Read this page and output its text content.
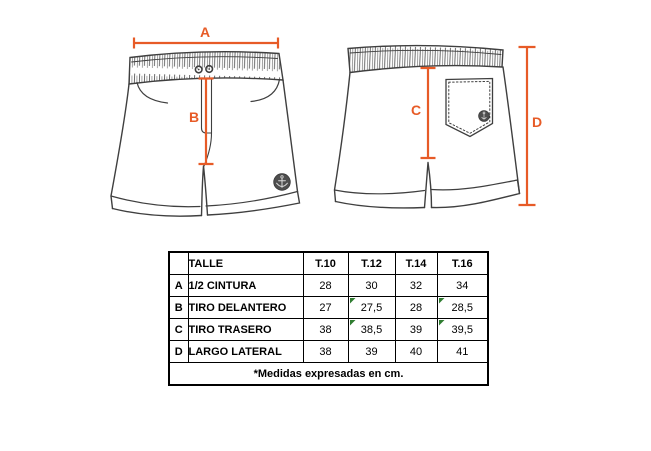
A
B	C
D
	TALLE	T.10	T.12	T.14	T.16
A	1/2 CINTURA	28	30	32	34
B	TIRO DELANTERO	27	27,5	28	28,5
C	TIRO TRASERO	38	38,5	39	39,5
D	LARGO LATERAL	38	39	40	41
*Medidas expresadas en cm.					
